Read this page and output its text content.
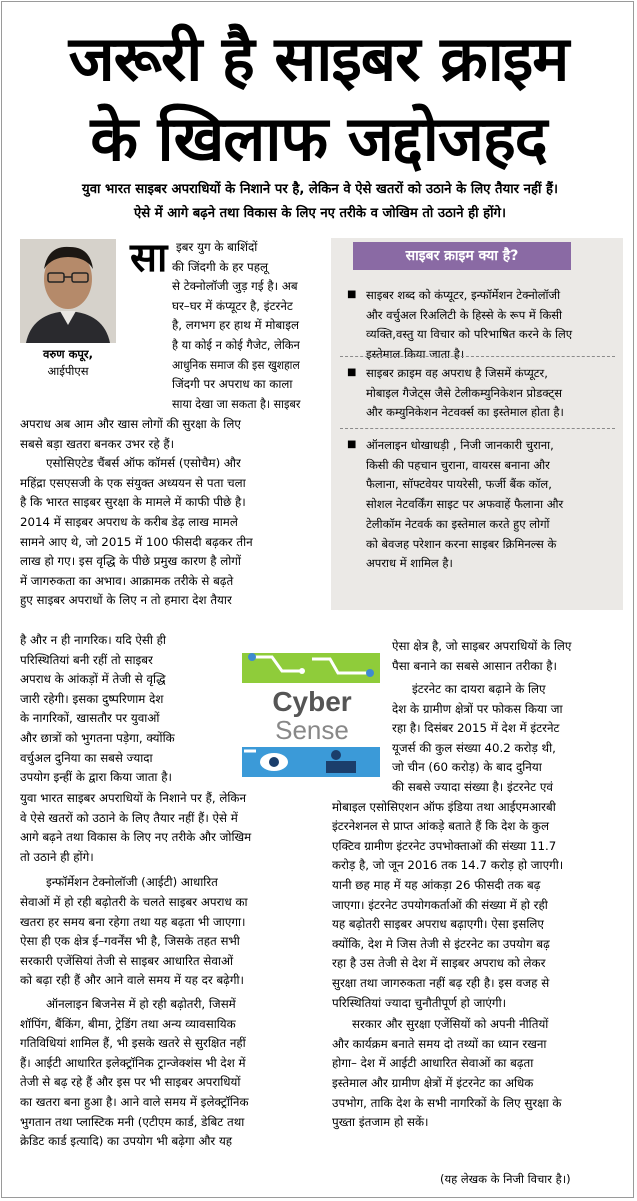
जरूरी है साइबर क्राइम
के खिलाफ जद्दोजहद
युवा भारत साइबर अपराधियों के निशाने पर है, लेकिन वे ऐसे खतरों को उठाने के लिए तैयार नहीं हैं।
ऐसे में आगे बढ़ने तथा विकास के लिए नए तरीके व जोखिम तो उठाने ही होंगे।
वरुण कपूर,
आईपीएस
सा इबर युग के बाशिंदों
की जिंदगी के हर पहलू
से टेक्नोलॉजी जुड़ गई है। अब
घर–घर में कंप्यूटर है, इंटरनेट
है, लगभग हर हाथ में मोबाइल
है या कोई न कोई गैजेट, लेकिन
आधुनिक समाज की इस खुशहाल
जिंदगी पर अपराध का काला
साया देखा जा सकता है। साइबर
अपराध अब आम और खास लोगों की सुरक्षा के लिए
सबसे बड़ा खतरा बनकर उभर रहे हैं।
एसोसिएटेड चैंबर्स ऑफ कॉमर्स (एसोचैम) और
महिंद्रा एसएसजी के एक संयुक्त अध्ययन से पता चला
है कि भारत साइबर सुरक्षा के मामले में काफी पीछे है।
2014 में साइबर अपराध के करीब डेढ़ लाख मामले
सामने आए थे, जो 2015 में 100 फीसदी बढ़कर तीन
लाख हो गए। इस वृद्धि के पीछे प्रमुख कारण है लोगों
में जागरुकता का अभाव। आक्रामक तरीके से बढ़ते
हुए साइबर अपराधों के लिए न तो हमारा देश तैयार
है और न ही नागरिक। यदि ऐसी ही
परिस्थितियां बनी रहीं तो साइबर
अपराध के आंकड़ों में तेजी से वृद्धि
जारी रहेगी। इसका दुष्परिणाम देश
के नागरिकों, खासतौर पर युवाओं
और छात्रों को भुगतना पड़ेगा, क्योंकि
वर्चुअल दुनिया का सबसे ज्यादा
उपयोग इन्हीं के द्वारा किया जाता है।
युवा भारत साइबर अपराधियों के निशाने पर हैं, लेकिन
वे ऐसे खतरों को उठाने के लिए तैयार नहीं हैं। ऐसे में
आगे बढ़ने तथा विकास के लिए नए तरीके और जोखिम
तो उठाने ही होंगे।
इन्फॉर्मेशन टेक्नोलॉजी (आईटी) आधारित
सेवाओं में हो रही बढ़ोतरी के चलते साइबर अपराध का
खतरा हर समय बना रहेगा तथा यह बढ़ता भी जाएगा।
ऐसा ही एक क्षेत्र ई–गवर्नेंस भी है, जिसके तहत सभी
सरकारी एजेंसियां तेजी से साइबर आधारित सेवाओं
को बढ़ा रही हैं और आने वाले समय में यह दर बढ़ेगी।
ऑनलाइन बिजनेस में हो रही बढ़ोतरी, जिसमें
शॉपिंग, बैंकिंग, बीमा, ट्रेडिंग तथा अन्य व्यावसायिक
गतिविधियां शामिल हैं, भी इसके खतरे से सुरक्षित नहीं
हैं। आईटी आधारित इलेक्ट्रॉनिक ट्रान्जेक्शंस भी देश में
तेजी से बढ़ रहे हैं और इस पर भी साइबर अपराधियों
का खतरा बना हुआ है। आने वाले समय में इलेक्ट्रॉनिक
भुगतान तथा प्लास्टिक मनी (एटीएम कार्ड, डेबिट तथा
क्रेडिट कार्ड इत्यादि) का उपयोग भी बढ़ेगा और यह
साइबर क्राइम क्या है?
■ साइबर शब्द को कंप्यूटर, इन्फॉर्मेशन टेक्नोलॉजी
और वर्चुअल रिअलिटी के हिस्से के रूप में किसी
व्यक्ति,वस्तु या विचार को परिभाषित करने के लिए
इस्तेमाल किया जाता है।
■ साइबर क्राइम वह अपराध है जिसमें कंप्यूटर,
मोबाइल गैजेट्स जैसे टेलीकम्युनिकेशन प्रोडक्ट्स
और कम्युनिकेशन नेटवर्क्स का इस्तेमाल होता है।
■ ऑनलाइन धोखाधड़ी , निजी जानकारी चुराना,
किसी की पहचान चुराना, वायरस बनाना और
फैलाना, सॉफ्टवेयर पायरेसी, फर्जी बैंक कॉल,
सोशल नेटवर्किंग साइट पर अफवाहें फैलाना और
टेलीकॉम नेटवर्क का इस्तेमाल करते हुए लोगों
को बेवजह परेशान करना साइबर क्रिमिनल्स के
अपराध में शामिल है।
Cyber
Sense
ऐसा क्षेत्र है, जो साइबर अपराधियों के लिए
पैसा बनाने का सबसे आसान तरीका है।
इंटरनेट का दायरा बढ़ाने के लिए
देश के ग्रामीण क्षेत्रों पर फोकस किया जा
रहा है। दिसंबर 2015 में देश में इंटरनेट
यूजर्स की कुल संख्या 40.2 करोड़ थी,
जो चीन (60 करोड़) के बाद दुनिया
की सबसे ज्यादा संख्या है। इंटरनेट एवं
मोबाइल एसोसिएशन ऑफ इंडिया तथा आईएमआरबी
इंटरनेशनल से प्राप्त आंकड़े बताते हैं कि देश के कुल
एक्टिव ग्रामीण इंटरनेट उपभोक्ताओं की संख्या 11.7
करोड़ है, जो जून 2016 तक 14.7 करोड़ हो जाएगी।
यानी छह माह में यह आंकड़ा 26 फीसदी तक बढ़
जाएगा। इंटरनेट उपयोगकर्ताओं की संख्या में हो रही
यह बढ़ोतरी साइबर अपराध बढ़ाएगी। ऐसा इसलिए
क्योंकि, देश मे जिस तेजी से इंटरनेट का उपयोग बढ़
रहा है उस तेजी से देश में साइबर अपराध को लेकर
सुरक्षा तथा जागरुकता नहीं बढ़ रही है। इस वजह से
परिस्थितियां ज्यादा चुनौतीपूर्ण हो जाएंगी।
सरकार और सुरक्षा एजेंसियों को अपनी नीतियों
और कार्यक्रम बनाते समय दो तथ्यों का ध्यान रखना
होगा– देश में आईटी आधारित सेवाओं का बढ़ता
इस्तेमाल और ग्रामीण क्षेत्रों में इंटरनेट का अधिक
उपभोग, ताकि देश के सभी नागरिकों के लिए सुरक्षा के
पुख्ता इंतजाम हो सकें।
(यह लेखक के निजी विचार है।)
